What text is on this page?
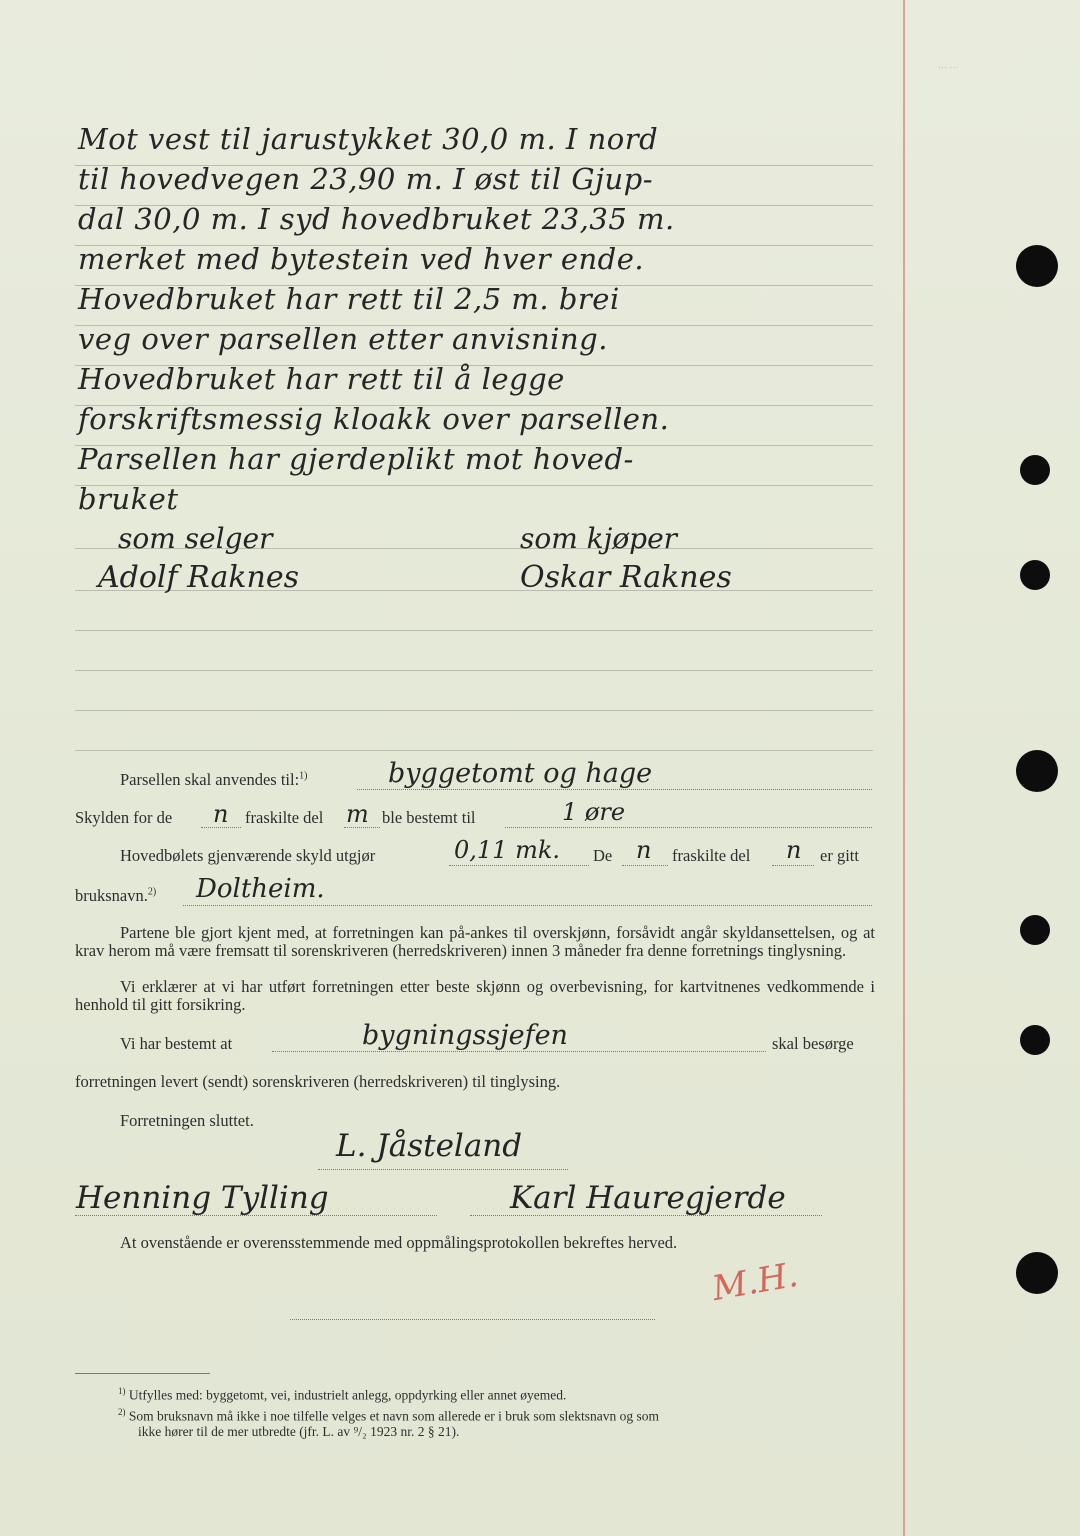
··· ···
Mot vest til jarustykket 30,0 m. I nord
til hovedvegen 23,90 m. I øst til Gjup-
dal 30,0 m. I syd hovedbruket 23,35 m.
merket med bytestein ved hver ende.
Hovedbruket har rett til 2,5 m. brei
veg over parsellen etter anvisning.
Hovedbruket har rett til å legge
forskriftsmessig kloakk over parsellen.
Parsellen har gjerdeplikt mot hoved-
bruket
som selger	som kjøper
Adolf Raknes	Oskar Raknes
Parsellen skal anvendes til:$^{1)}$	byggetomt og hage
Skylden for de n fraskilte del m ble bestemt til	1 øre
Hovedbølets gjenværende skyld utgjør	0,11 mk. De n fraskilte del n er gitt
bruksnavn.$^{2)}$ Doltheim.
Partene ble gjort kjent med, at forretningen kan på-ankes til overskjønn, forsåvidt angår skyldansettelsen, og at krav herom må være fremsatt til sorenskriveren (herredskriveren) innen 3 måneder fra denne forretnings tinglysning.
Vi erklærer at vi har utført forretningen etter beste skjønn og overbevisning, for kartvitnenes vedkommende i henhold til gitt forsikring.
Vi har bestemt at	bygningssjefen	skal besørge
forretningen levert (sendt) sorenskriveren (herredskriveren) til tinglysing.
Forretningen sluttet.
L. Jåsteland
Henning Tylling	Karl Hauregjerde
At ovenstående er overensstemmende med oppmålingsprotokollen bekreftes herved.
M.H.
$^{1)}$ Utfylles med: byggetomt, vei, industrielt anlegg, oppdyrking eller annet øyemed.
$^{2)}$ Som bruksnavn må ikke i noe tilfelle velges et navn som allerede er i bruk som slektsnavn og som
ikke hører til de mer utbredte (jfr. L. av ⁹/₂ 1923 nr. 2 § 21).
